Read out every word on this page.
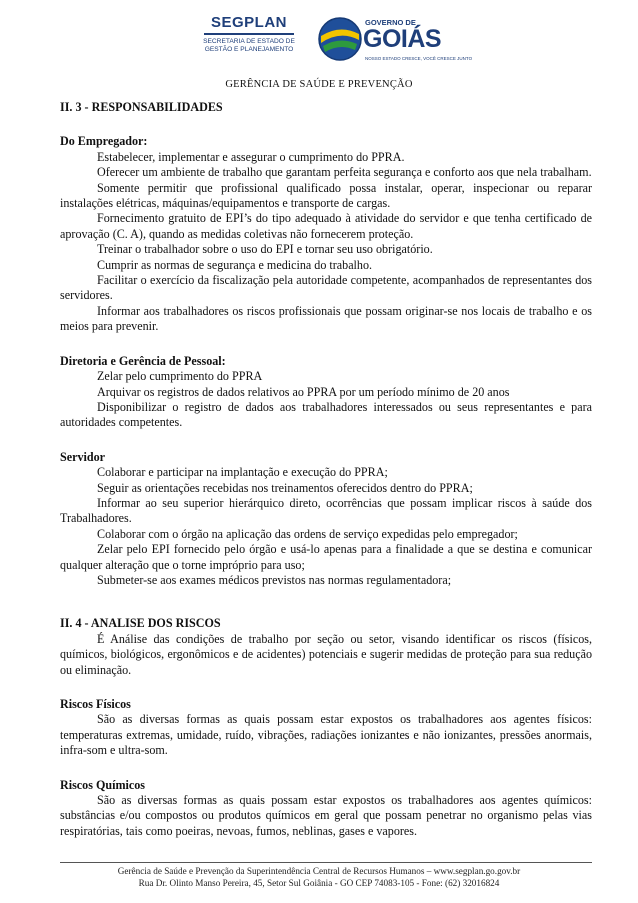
SEGPLAN
SECRETARIA DE ESTADO DE
GESTÃO E PLANEJAMENTO
GOVERNO DE
GOIÁS
NOSSO ESTADO CRESCE, VOCÊ CRESCE JUNTO
GERÊNCIA DE SAÚDE E PREVENÇÃO

II. 3 - RESPONSABILIDADES

Do Empregador:

Estabelecer, implementar e assegurar o cumprimento do PPRA.

Oferecer um ambiente de trabalho que garantam perfeita segurança e conforto aos que nela trabalham.

Somente permitir que profissional qualificado possa instalar, operar, inspecionar ou reparar instalações elétricas, máquinas/equipamentos e transporte de cargas.

Fornecimento gratuito de EPI’s do tipo adequado à atividade do servidor e que tenha certificado de aprovação (C. A), quando as medidas coletivas não fornecerem proteção.

Treinar o trabalhador sobre o uso do EPI e tornar seu uso obrigatório.

Cumprir as normas de segurança e medicina do trabalho.

Facilitar o exercício da fiscalização pela autoridade competente, acompanhados de representantes dos servidores.

Informar aos trabalhadores os riscos profissionais que possam originar-se nos locais de trabalho e os meios para prevenir.

Diretoria e Gerência de Pessoal:

Zelar pelo cumprimento do PPRA

Arquivar os registros de dados relativos ao PPRA por um período mínimo de 20 anos

Disponibilizar o registro de dados aos trabalhadores interessados ou seus representantes e para autoridades competentes.

Servidor

Colaborar e participar na implantação e execução do PPRA;

Seguir as orientações recebidas nos treinamentos oferecidos dentro do PPRA;

Informar ao seu superior hierárquico direto, ocorrências que possam implicar riscos à saúde dos Trabalhadores.

Colaborar com o órgão na aplicação das ordens de serviço expedidas pelo empregador;

Zelar pelo EPI fornecido pelo órgão e usá-lo apenas para a finalidade a que se destina e comunicar qualquer alteração que o torne impróprio para uso;

Submeter-se aos exames médicos previstos nas normas regulamentadora;

II. 4 - ANALISE DOS RISCOS

É Análise das condições de trabalho por seção ou setor, visando identificar os riscos (físicos, químicos, biológicos, ergonômicos e de acidentes) potenciais e sugerir medidas de proteção para sua redução ou eliminação.

Riscos Físicos

São as diversas formas as quais possam estar expostos os trabalhadores aos agentes físicos: temperaturas extremas, umidade, ruído, vibrações, radiações ionizantes e não ionizantes, pressões anormais, infra-som e ultra-som.

Riscos Químicos

São as diversas formas as quais possam estar expostos os trabalhadores aos agentes químicos: substâncias e/ou compostos ou produtos químicos em geral que possam penetrar no organismo pelas vias respiratórias, tais como poeiras, nevoas, fumos, neblinas, gases e vapores.

Gerência de Saúde e Prevenção da Superintendência Central de Recursos Humanos – www.segplan.go.gov.br
Rua Dr. Olinto Manso Pereira, 45, Setor Sul Goiânia - GO CEP 74083-105 - Fone: (62) 32016824
